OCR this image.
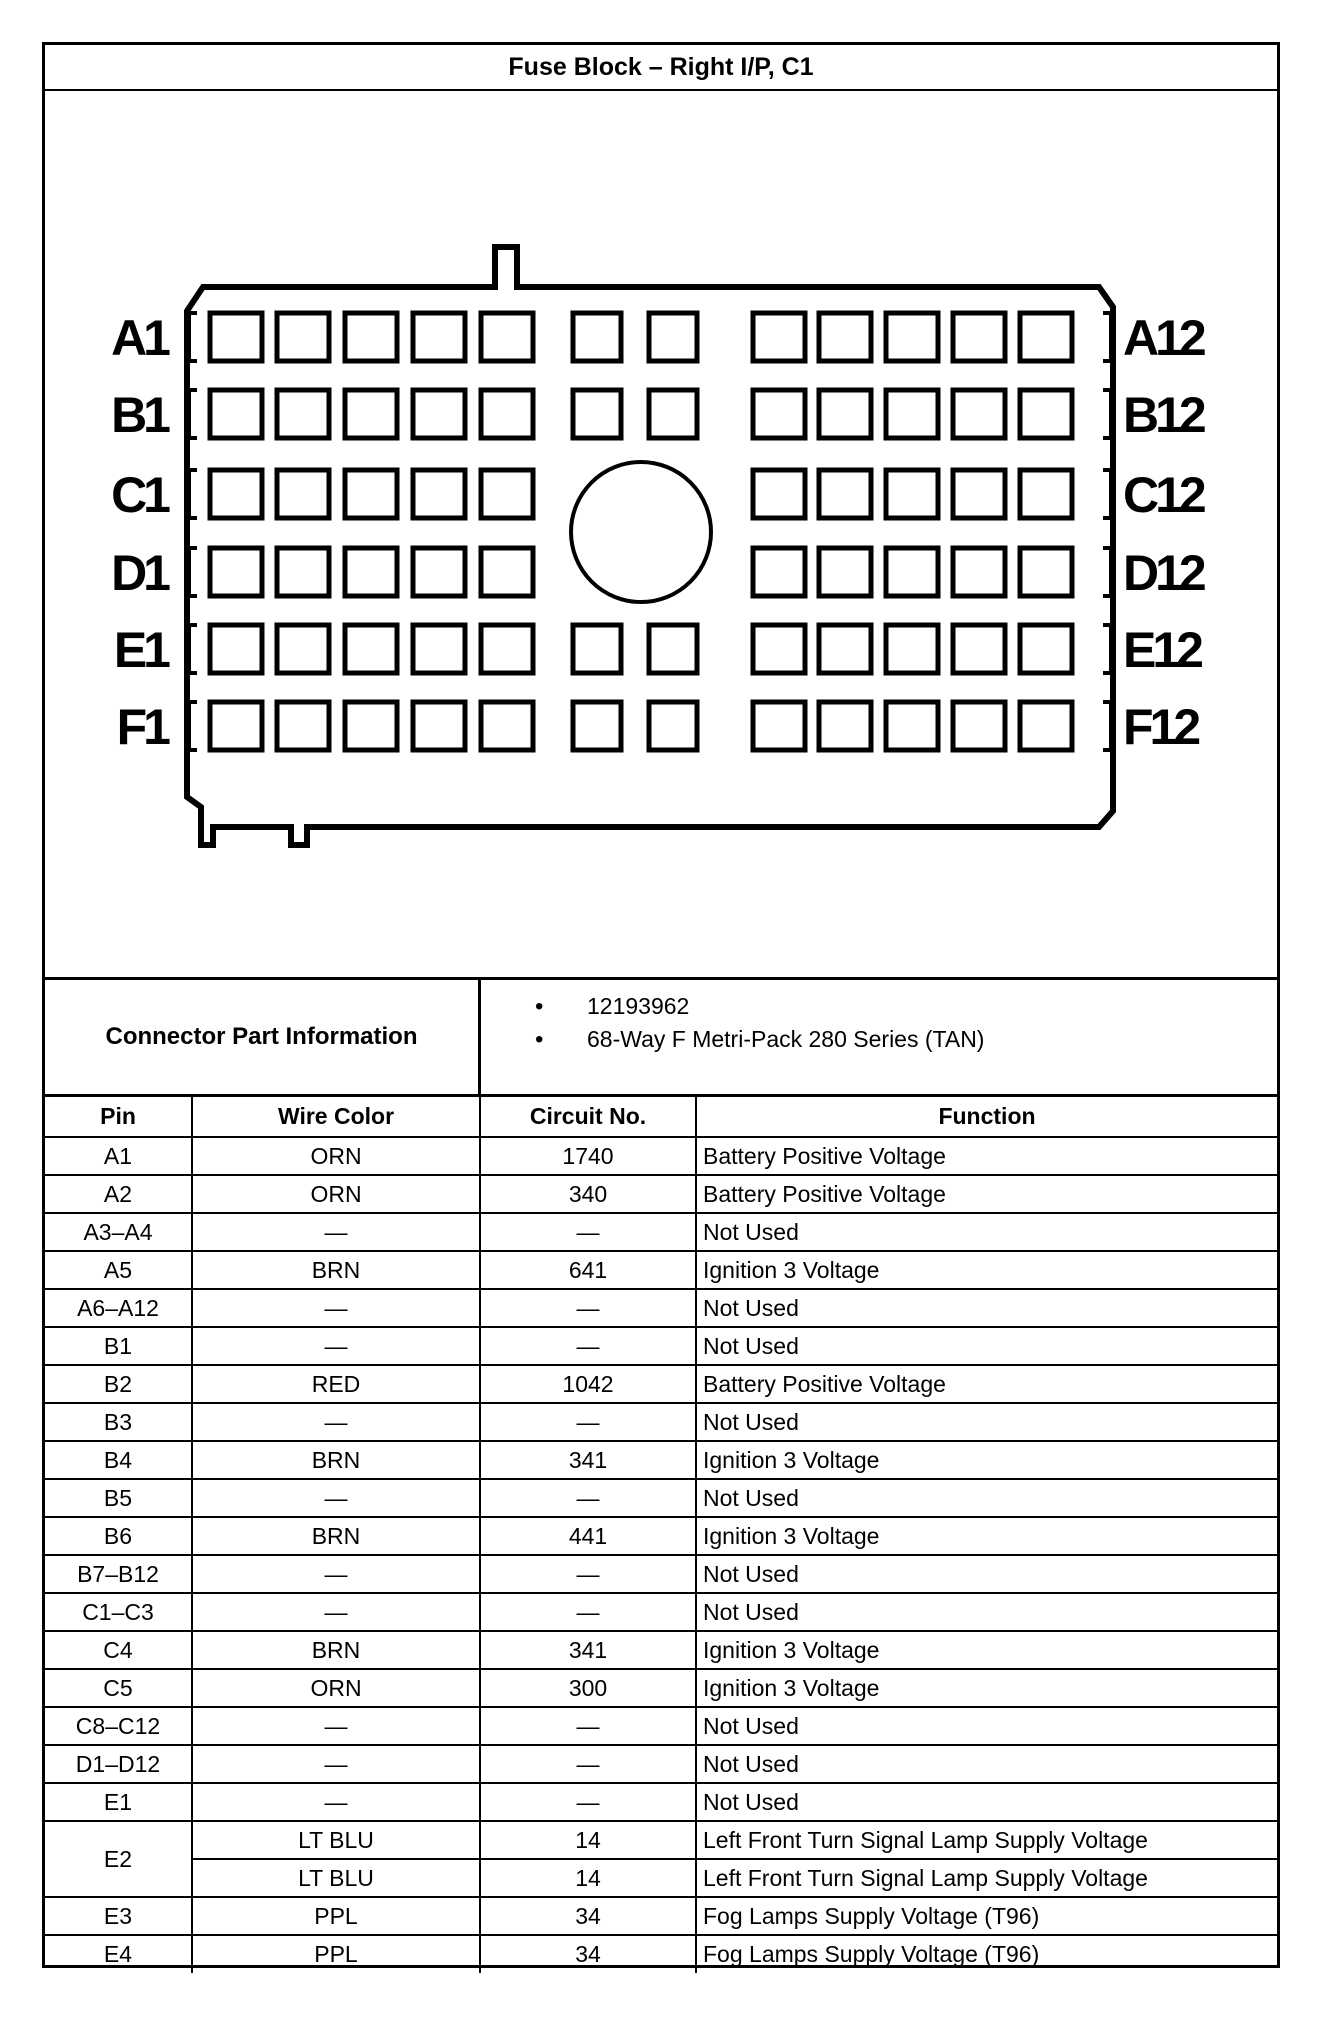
Fuse Block – Right I/P, C1
A1	A12
B1	B12
C1	C12
D1	D12
E1	E12
F1	F12
Connector Part Information
• 12193962
• 68-Way F Metri-Pack 280 Series (TAN)
Pin	Wire Color	Circuit No.	Function
A1	ORN	1740	Battery Positive Voltage
A2	ORN	340	Battery Positive Voltage
A3–A4	—	—	Not Used
A5	BRN	641	Ignition 3 Voltage
A6–A12	—	—	Not Used
B1	—	—	Not Used
B2	RED	1042	Battery Positive Voltage
B3	—	—	Not Used
B4	BRN	341	Ignition 3 Voltage
B5	—	—	Not Used
B6	BRN	441	Ignition 3 Voltage
B7–B12	—	—	Not Used
C1–C3	—	—	Not Used
C4	BRN	341	Ignition 3 Voltage
C5	ORN	300	Ignition 3 Voltage
C8–C12	—	—	Not Used
D1–D12	—	—	Not Used
E1	—	—	Not Used
E2	LT BLU	14	Left Front Turn Signal Lamp Supply Voltage
	LT BLU	14	Left Front Turn Signal Lamp Supply Voltage
E3	PPL	34	Fog Lamps Supply Voltage (T96)
E4	PPL	34	Fog Lamps Supply Voltage (T96)
